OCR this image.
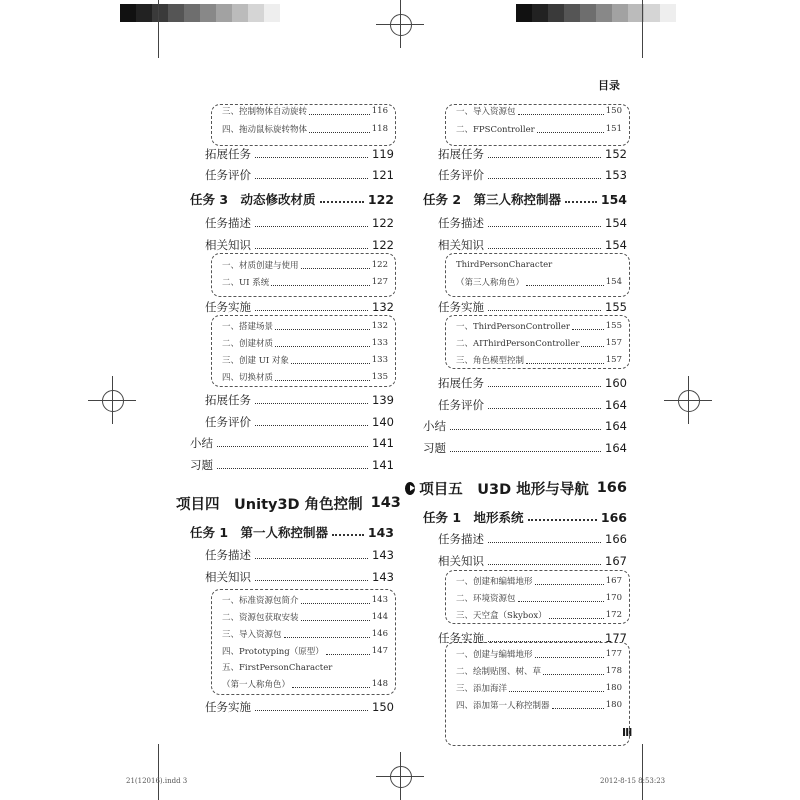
目录
三、控制物体自动旋转	116
四、拖动鼠标旋转物体	118
拓展任务	119
任务评价	121
任务 3　动态修改材质	122
任务描述	122
相关知识	122
一、材质创建与使用	122
二、UI 系统	127
任务实施	132
一、搭建场景	132
二、创建材质	133
三、创建 UI 对象	133
四、切换材质	135
拓展任务	139
任务评价	140
小结	141
习题	141
项目四　Unity3D 角色控制 143
任务 1　第一人称控制器	143
任务描述	143
相关知识	143
一、标准资源包简介	143
二、资源包获取安装	144
三、导入资源包	146
四、Prototyping（原型）	147
五、FirstPersonCharacter
（第一人称角色）	148
任务实施	150
一、导入资源包	150
二、FPSController	151
拓展任务	152
任务评价	153
任务 2　第三人称控制器	154
任务描述	154
相关知识	154
ThirdPersonCharacter
（第三人称角色）	154
任务实施	155
一、ThirdPersonController	155
二、AIThirdPersonController	157
三、角色模型控制	157
拓展任务	160
任务评价	164
小结	164
习题	164
项目五　U3D 地形与导航 166
任务 1　地形系统	166
任务描述	166
相关知识	167
一、创建和编辑地形	167
二、环境资源包	170
三、天空盒（Skybox）	172
任务实施	177
一、创建与编辑地形	177
二、绘制贴图、树、草	178
三、添加海洋	180
四、添加第一人称控制器	180
Ⅲ
21(12016).indd 3	2012-8-15 8:53:23
